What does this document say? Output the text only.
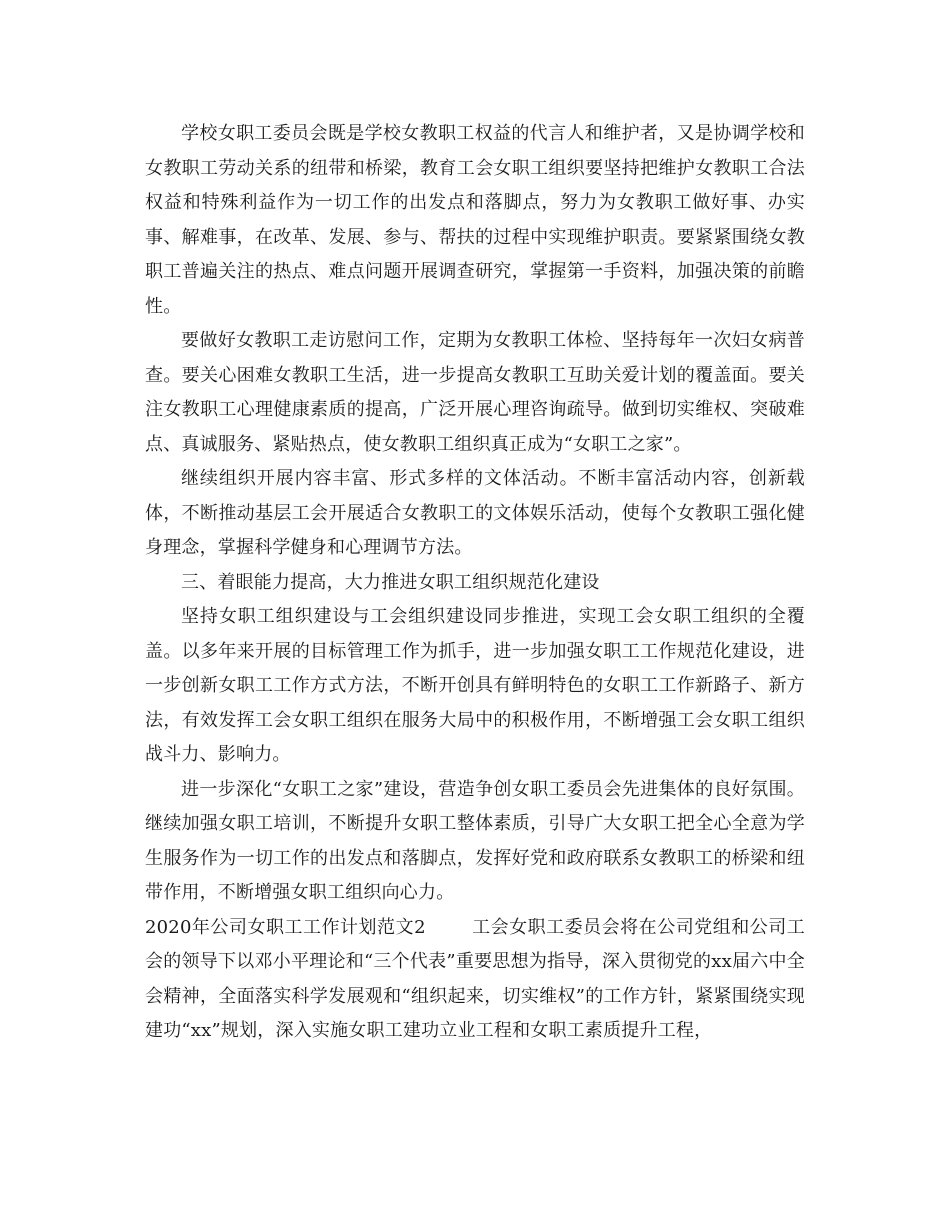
学校女职工委员会既是学校女教职工权益的代言人和维护者，又是协调学校和女教职工劳动关系的纽带和桥梁，教育工会女职工组织要坚持把维护女教职工合法权益和特殊利益作为一切工作的出发点和落脚点，努力为女教职工做好事、办实事、解难事，在改革、发展、参与、帮扶的过程中实现维护职责。要紧紧围绕女教职工普遍关注的热点、难点问题开展调查研究，掌握第一手资料，加强决策的前瞻性。

要做好女教职工走访慰问工作，定期为女教职工体检、坚持每年一次妇女病普查。要关心困难女教职工生活，进一步提高女教职工互助关爱计划的覆盖面。要关注女教职工心理健康素质的提高，广泛开展心理咨询疏导。做到切实维权、突破难点、真诚服务、紧贴热点，使女教职工组织真正成为“女职工之家”。

继续组织开展内容丰富、形式多样的文体活动。不断丰富活动内容，创新载体，不断推动基层工会开展适合女教职工的文体娱乐活动，使每个女教职工强化健身理念，掌握科学健身和心理调节方法。

三、着眼能力提高，大力推进女职工组织规范化建设

坚持女职工组织建设与工会组织建设同步推进，实现工会女职工组织的全覆盖。以多年来开展的目标管理工作为抓手，进一步加强女职工工作规范化建设，进一步创新女职工工作方式方法，不断开创具有鲜明特色的女职工工作新路子、新方法，有效发挥工会女职工组织在服务大局中的积极作用，不断增强工会女职工组织战斗力、影响力。

进一步深化“女职工之家”建设，营造争创女职工委员会先进集体的良好氛围。继续加强女职工培训，不断提升女职工整体素质，引导广大女职工把全心全意为学生服务作为一切工作的出发点和落脚点，发挥好党和政府联系女教职工的桥梁和纽带作用，不断增强女职工组织向心力。

2020年公司女职工工作计划范文2	工会女职工委员会将在公司党组和公司工会的领导下以邓小平理论和“三个代表”重要思想为指导，深入贯彻党的xx届六中全会精神，全面落实科学发展观和“组织起来，切实维权”的工作方针，紧紧围绕实现建功“xx”规划，深入实施女职工建功立业工程和女职工素质提升工程，
